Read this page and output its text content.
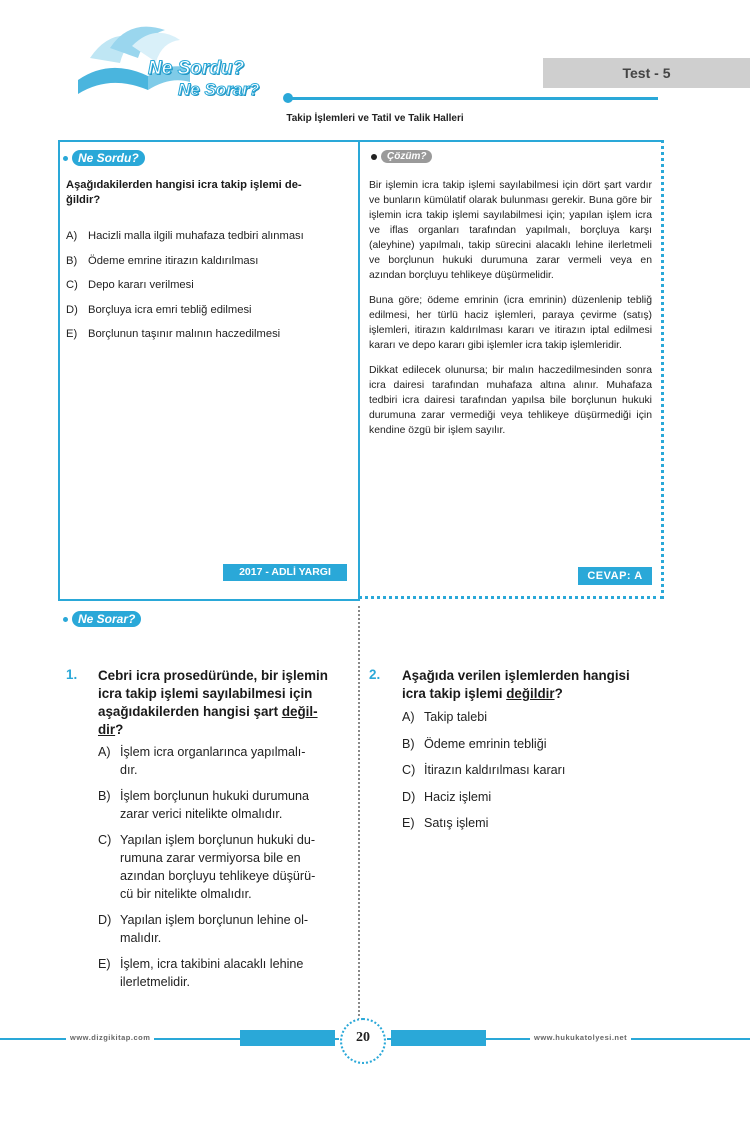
Ne Sordu?
Ne Sorar?
Test - 5
Takip İşlemleri ve Tatil ve Talik Halleri
Ne Sordu?
Aşağıdakilerden hangisi icra takip işlemi de-
ğildir?
A) Hacizli malla ilgili muhafaza tedbiri alınması
B) Ödeme emrine itirazın kaldırılması
C) Depo kararı verilmesi
D) Borçluya icra emri tebliğ edilmesi
E) Borçlunun taşınır malının haczedilmesi
2017 - ADLİ YARGI
Çözüm?

Bir işlemin icra takip işlemi sayılabilmesi için dört şart vardır ve bunların kümülatif olarak bulunması gerekir. Buna göre bir işlemin icra takip işlemi sayılabilmesi için; yapılan işlem icra ve iflas organları tarafından yapılmalı, borçluya karşı (aleyhine) yapılmalı, takip sürecini alacaklı lehine ilerletmeli ve borçlunun hukuki durumuna zarar vermeli veya en azından borçluyu tehlikeye düşürmelidir.

Buna göre; ödeme emrinin (icra emrinin) düzenlenip tebliğ edilmesi, her türlü haciz işlemleri, paraya çevirme (satış) işlemleri, itirazın kaldırılması kararı ve itirazın iptal edilmesi kararı ve depo kararı gibi işlemler icra takip işlemleridir.

Dikkat edilecek olunursa; bir malın haczedilmesinden sonra icra dairesi tarafından muhafaza altına alınır. Muhafaza tedbiri icra dairesi tarafından yapılsa bile borçlunun hukuki durumuna zarar vermediği veya tehlikeye düşürmediği için kendine özgü bir işlem sayılır.

CEVAP: A
Ne Sorar?
1. Cebri icra prosedüründe, bir işlemin
icra takip işlemi sayılabilmesi için
aşağıdakilerden hangisi şart değil-
dir?
A) İşlem icra organlarınca yapılmalı-
dır.
B) İşlem borçlunun hukuki durumuna
zarar verici nitelikte olmalıdır.
C) Yapılan işlem borçlunun hukuki du-
rumuna zarar vermiyorsa bile en
azından borçluyu tehlikeye düşürü-
cü bir nitelikte olmalıdır.
D) Yapılan işlem borçlunun lehine ol-
malıdır.
E) İşlem, icra takibini alacaklı lehine
ilerletmelidir.
2. Aşağıda verilen işlemlerden hangisi
icra takip işlemi değildir?
A) Takip talebi
B) Ödeme emrinin tebliği
C) İtirazın kaldırılması kararı
D) Haciz işlemi
E) Satış işlemi
www.dizgikitap.com	www.hukukatolyesi.net
20
